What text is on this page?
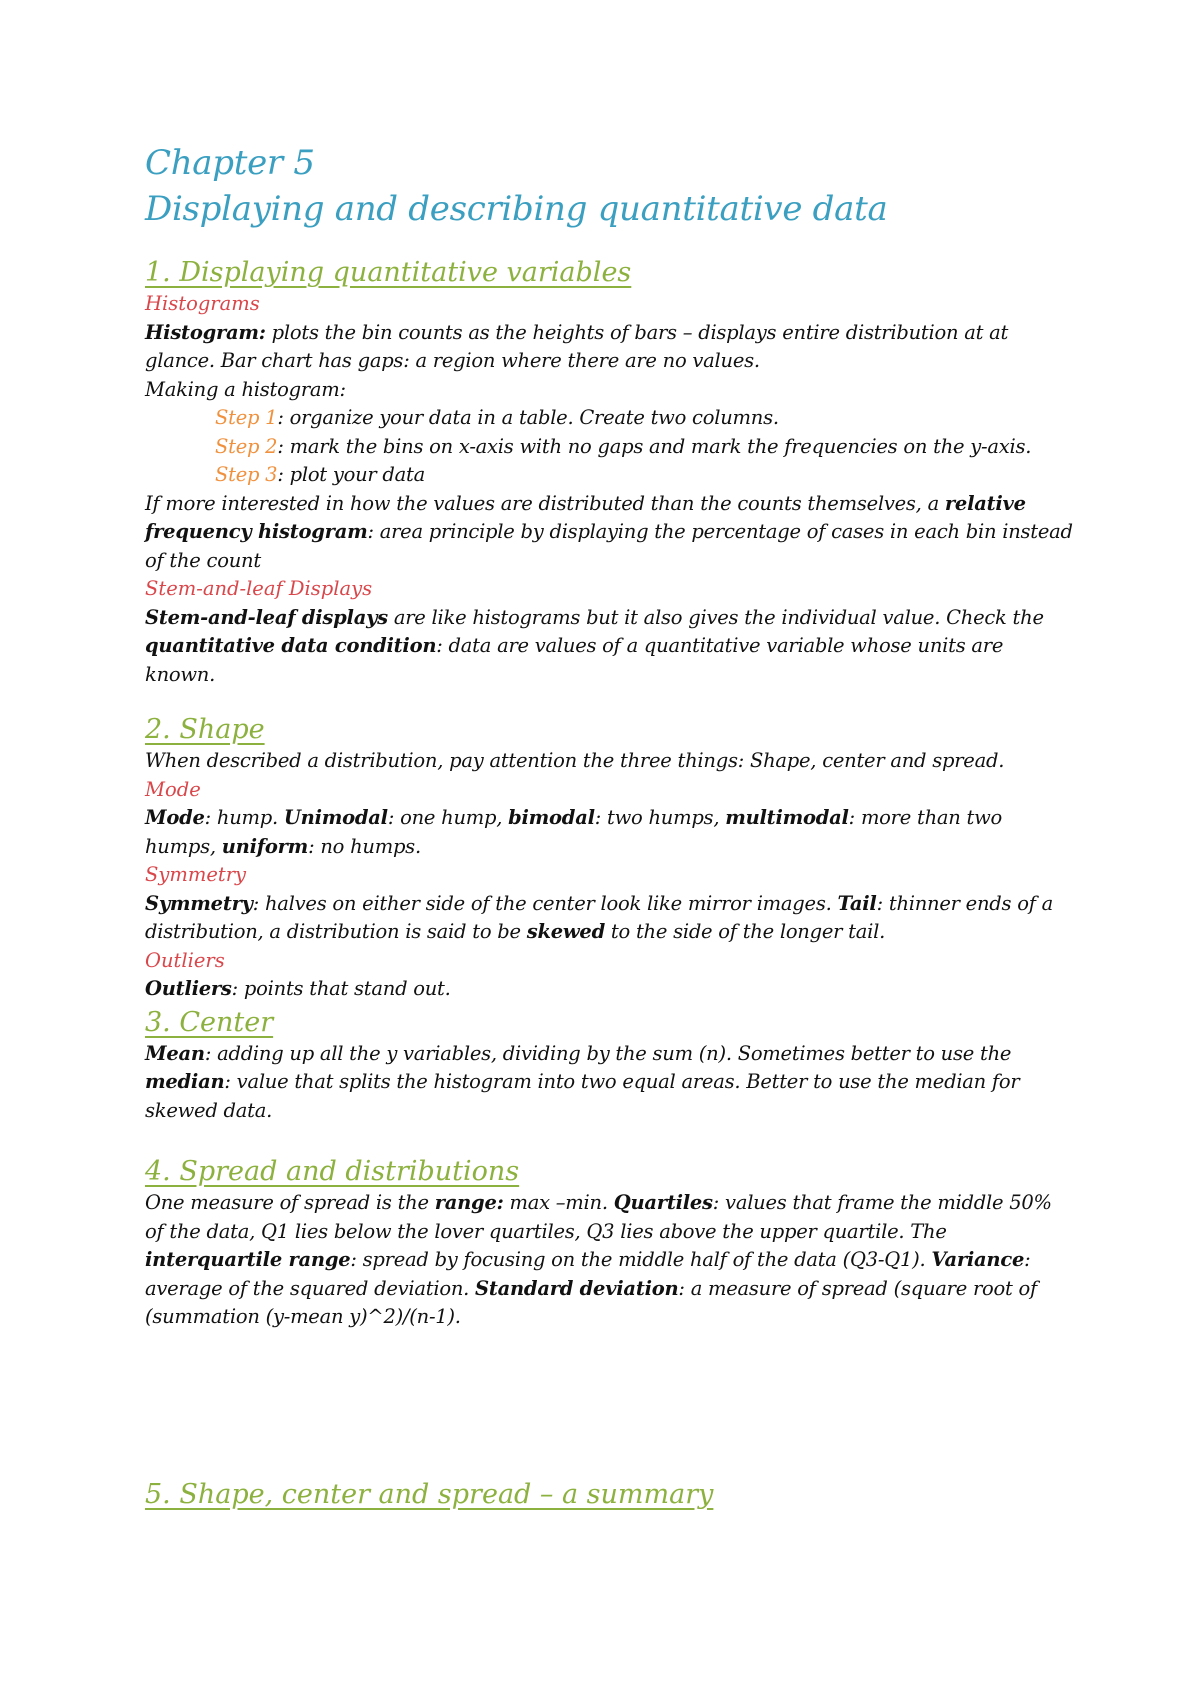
Chapter 5

Displaying and describing quantitative data

1. Displaying quantitative variables

Histograms

Histogram: plots the bin counts as the heights of bars – displays entire distribution at at glance. Bar chart has gaps: a region where there are no values.

Making a histogram:

Step 1: organize your data in a table. Create two columns.

Step 2: mark the bins on x-axis with no gaps and mark the frequencies on the y-axis.

Step 3: plot your data

If more interested in how the values are distributed than the counts themselves, a relative frequency histogram: area principle by displaying the percentage of cases in each bin instead of the count

Stem-and-leaf Displays

Stem-and-leaf displays are like histograms but it also gives the individual value. Check the quantitative data condition: data are values of a quantitative variable whose units are known.

2. Shape

When described a distribution, pay attention the three things: Shape, center and spread.

Mode

Mode: hump. Unimodal: one hump, bimodal: two humps, multimodal: more than two humps, uniform: no humps.

Symmetry

Symmetry: halves on either side of the center look like mirror images. Tail: thinner ends of a distribution, a distribution is said to be skewed to the side of the longer tail.

Outliers

Outliers: points that stand out.

3. Center

Mean: adding up all the y variables, dividing by the sum (n). Sometimes better to use the median: value that splits the histogram into two equal areas. Better to use the median for skewed data.

4. Spread and distributions

One measure of spread is the range: max –min. Quartiles: values that frame the middle 50% of the data, Q1 lies below the lover quartiles, Q3 lies above the upper quartile. The interquartile range: spread by focusing on the middle half of the data (Q3-Q1). Variance: average of the squared deviation. Standard deviation: a measure of spread (square root of (summation (y-mean y)^2)/(n-1).

5. Shape, center and spread – a summary
